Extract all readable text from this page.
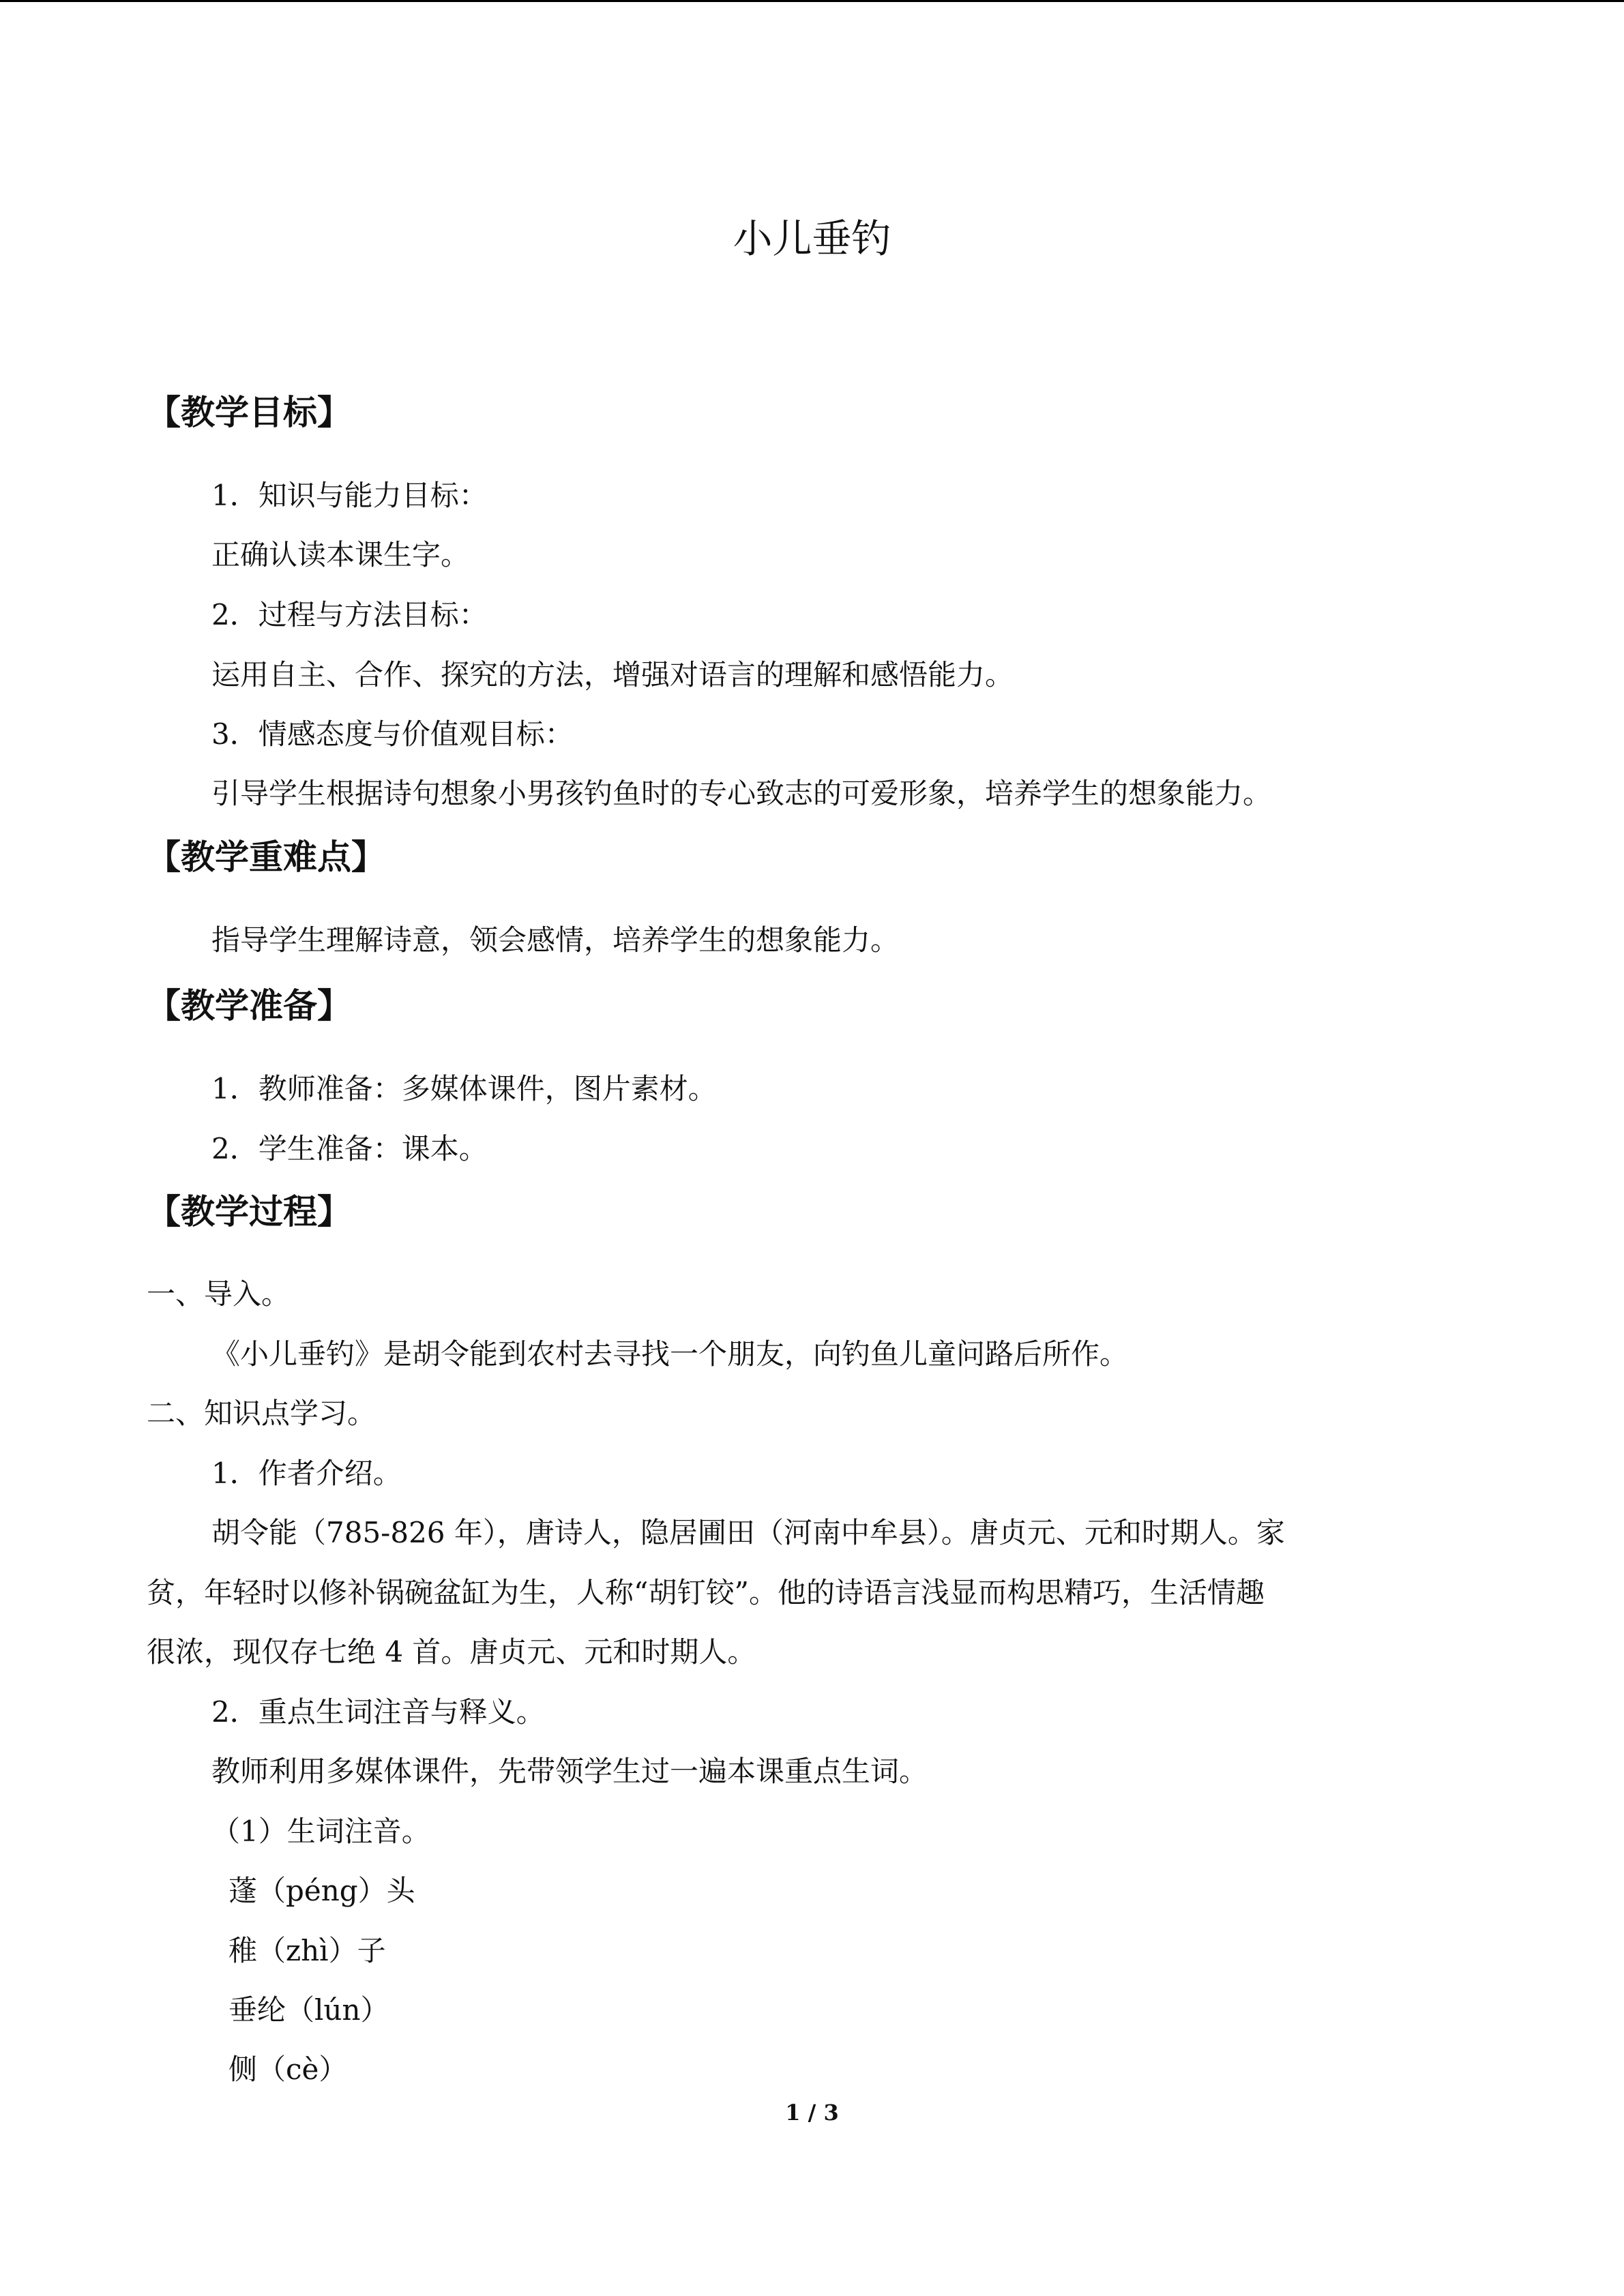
小儿垂钓
【教学目标】

1．知识与能力目标：

正确认读本课生字。

2．过程与方法目标：

运用自主、合作、探究的方法，增强对语言的理解和感悟能力。

3．情感态度与价值观目标：

引导学生根据诗句想象小男孩钓鱼时的专心致志的可爱形象，培养学生的想象能力。

【教学重难点】

指导学生理解诗意，领会感情，培养学生的想象能力。

【教学准备】

1．教师准备：多媒体课件，图片素材。

2．学生准备：课本。

【教学过程】

一、导入。

《小儿垂钓》是胡令能到农村去寻找一个朋友，向钓鱼儿童问路后所作。

二、知识点学习。

1．作者介绍。

胡令能（785-826 年），唐诗人，隐居圃田（河南中牟县）。唐贞元、元和时期人。家

贫，年轻时以修补锅碗盆缸为生，人称“胡钉铰”。他的诗语言浅显而构思精巧，生活情趣

很浓，现仅存七绝 4 首。唐贞元、元和时期人。

2．重点生词注音与释义。

教师利用多媒体课件，先带领学生过一遍本课重点生词。

（1）生词注音。

蓬（péng）头

稚（zhì）子

垂纶（lún）

侧（cè）

1 / 3
